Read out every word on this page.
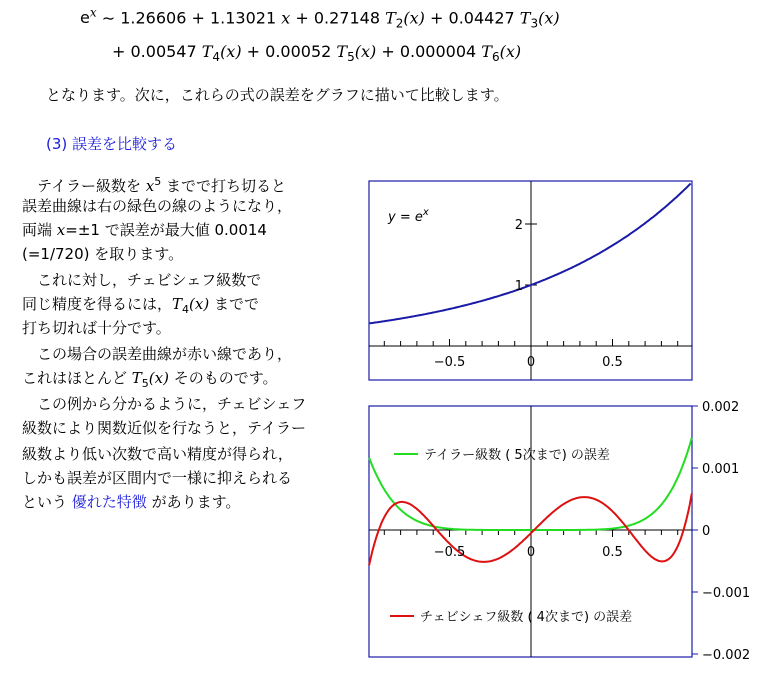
$e^x$ ∼ 1.26606 + 1.13021 x + 0.27148 $T_2(x) + 0.04427$ $T_3(x)$
+ 0.00547 $T_4(x) + 0.00052$ $T_5(x) + 0.000004$ $T_6(x)$
となります。次に，これらの式の誤差をグラフに描いて比較します。
(3) 誤差を比較する
　テイラー級数を $x^5$ までで打ち切ると
誤差曲線は右の緑色の線のようになり，
両端 x=±1 で誤差が最大値 0.0014
(=1/720) を取ります。
　これに対し，チェビシェフ級数で
同じ精度を得るには，$T_4(x)$ までで
打ち切れば十分です。
　この場合の誤差曲線が赤い線であり，
これはほとんど $T_5(x)$ そのものです。
　この例から分かるように，チェビシェフ
級数により関数近似を行なうと，テイラー
級数より低い次数で高い精度が得られ，
しかも誤差が区間内で一様に抑えられる
という 優れた特徴 があります。
−0.5	0	0.5
1
2
$y = e^x$
−0.5	0	0.5
0.002
0.001
0
−0.001
−0.002
テイラー級数 ( 5次まで) の誤差
チェビシェフ級数 ( 4次まで) の誤差
